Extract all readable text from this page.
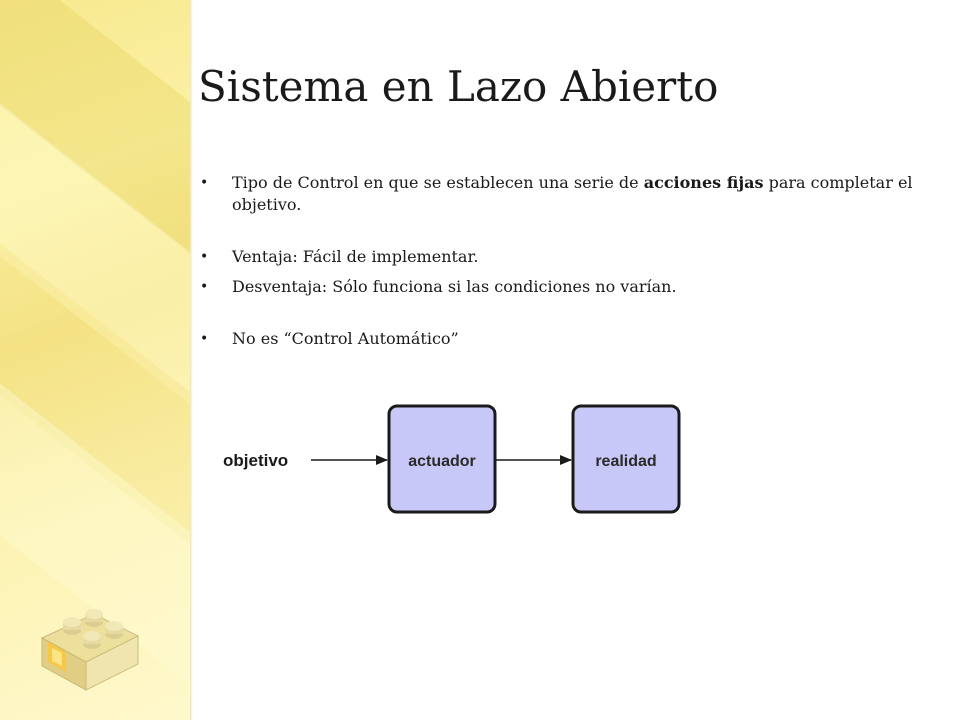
Sistema en Lazo Abierto
• Tipo de Control en que se establecen una serie de acciones fijas para completar el objetivo.
• Ventaja: Fácil de implementar.
• Desventaja: Sólo funciona si las condiciones no varían.
• No es “Control Automático”
objetivo	actuador	realidad
